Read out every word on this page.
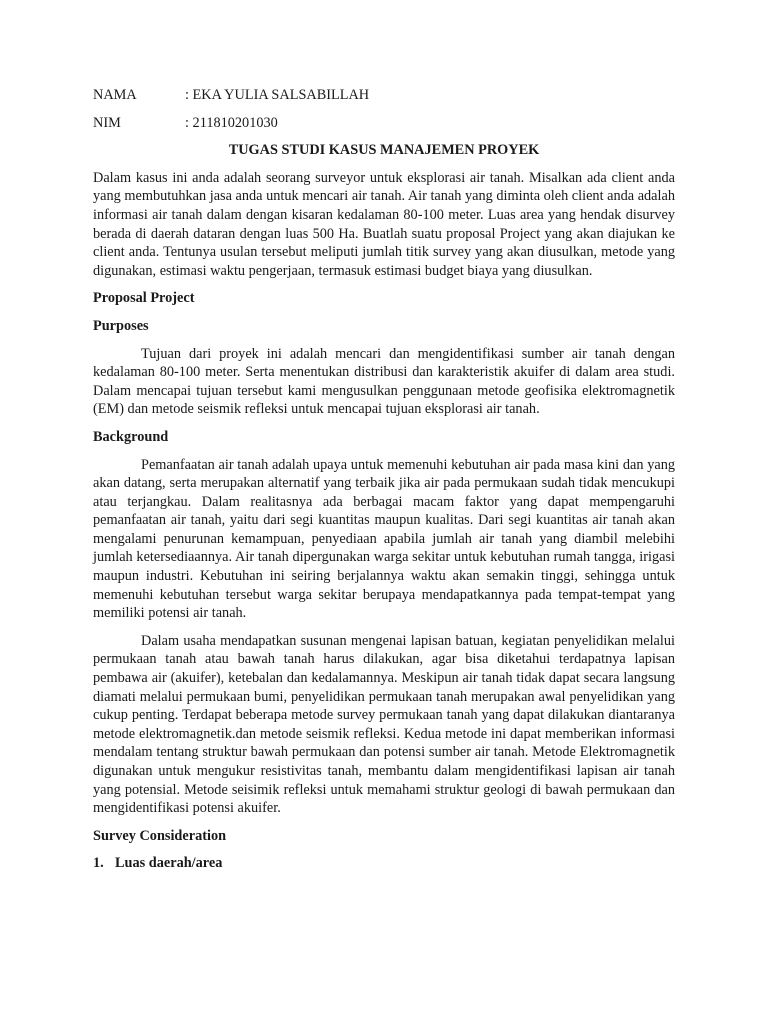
NAMA	: EKA YULIA SALSABILLAH
NIM	: 211810201030
TUGAS STUDI KASUS MANAJEMEN PROYEK

Dalam kasus ini anda adalah seorang surveyor untuk eksplorasi air tanah. Misalkan ada client anda yang membutuhkan jasa anda untuk mencari air tanah. Air tanah yang diminta oleh client anda adalah informasi air tanah dalam dengan kisaran kedalaman 80-100 meter. Luas area yang hendak disurvey berada di daerah dataran dengan luas 500 Ha. Buatlah suatu proposal Project yang akan diajukan ke client anda. Tentunya usulan tersebut meliputi jumlah titik survey yang akan diusulkan, metode yang digunakan, estimasi waktu pengerjaan, termasuk estimasi budget biaya yang diusulkan.

Proposal Project
Purposes

Tujuan dari proyek ini adalah mencari dan mengidentifikasi sumber air tanah dengan kedalaman 80-100 meter. Serta menentukan distribusi dan karakteristik akuifer di dalam area studi. Dalam mencapai tujuan tersebut kami mengusulkan penggunaan metode geofisika elektromagnetik (EM) dan metode seismik refleksi untuk mencapai tujuan eksplorasi air tanah.

Background

Pemanfaatan air tanah adalah upaya untuk memenuhi kebutuhan air pada masa kini dan yang akan datang, serta merupakan alternatif yang terbaik jika air pada permukaan sudah tidak mencukupi atau terjangkau. Dalam realitasnya ada berbagai macam faktor yang dapat mempengaruhi pemanfaatan air tanah, yaitu dari segi kuantitas maupun kualitas. Dari segi kuantitas air tanah akan mengalami penurunan kemampuan, penyediaan apabila jumlah air tanah yang diambil melebihi jumlah ketersediaannya. Air tanah dipergunakan warga sekitar untuk kebutuhan rumah tangga, irigasi maupun industri. Kebutuhan ini seiring berjalannya waktu akan semakin tinggi, sehingga untuk memenuhi kebutuhan tersebut warga sekitar berupaya mendapatkannya pada tempat-tempat yang memiliki potensi air tanah.

Dalam usaha mendapatkan susunan mengenai lapisan batuan, kegiatan penyelidikan melalui permukaan tanah atau bawah tanah harus dilakukan, agar bisa diketahui terdapatnya lapisan pembawa air (akuifer), ketebalan dan kedalamannya. Meskipun air tanah tidak dapat secara langsung diamati melalui permukaan bumi, penyelidikan permukaan tanah merupakan awal penyelidikan yang cukup penting. Terdapat beberapa metode survey permukaan tanah yang dapat dilakukan diantaranya metode elektromagnetik.dan metode seismik refleksi. Kedua metode ini dapat memberikan informasi mendalam tentang struktur bawah permukaan dan potensi sumber air tanah. Metode Elektromagnetik digunakan untuk mengukur resistivitas tanah, membantu dalam mengidentifikasi lapisan air tanah yang potensial. Metode seisimik refleksi untuk memahami struktur geologi di bawah permukaan dan mengidentifikasi potensi akuifer.

Survey Consideration
1. Luas daerah/area
